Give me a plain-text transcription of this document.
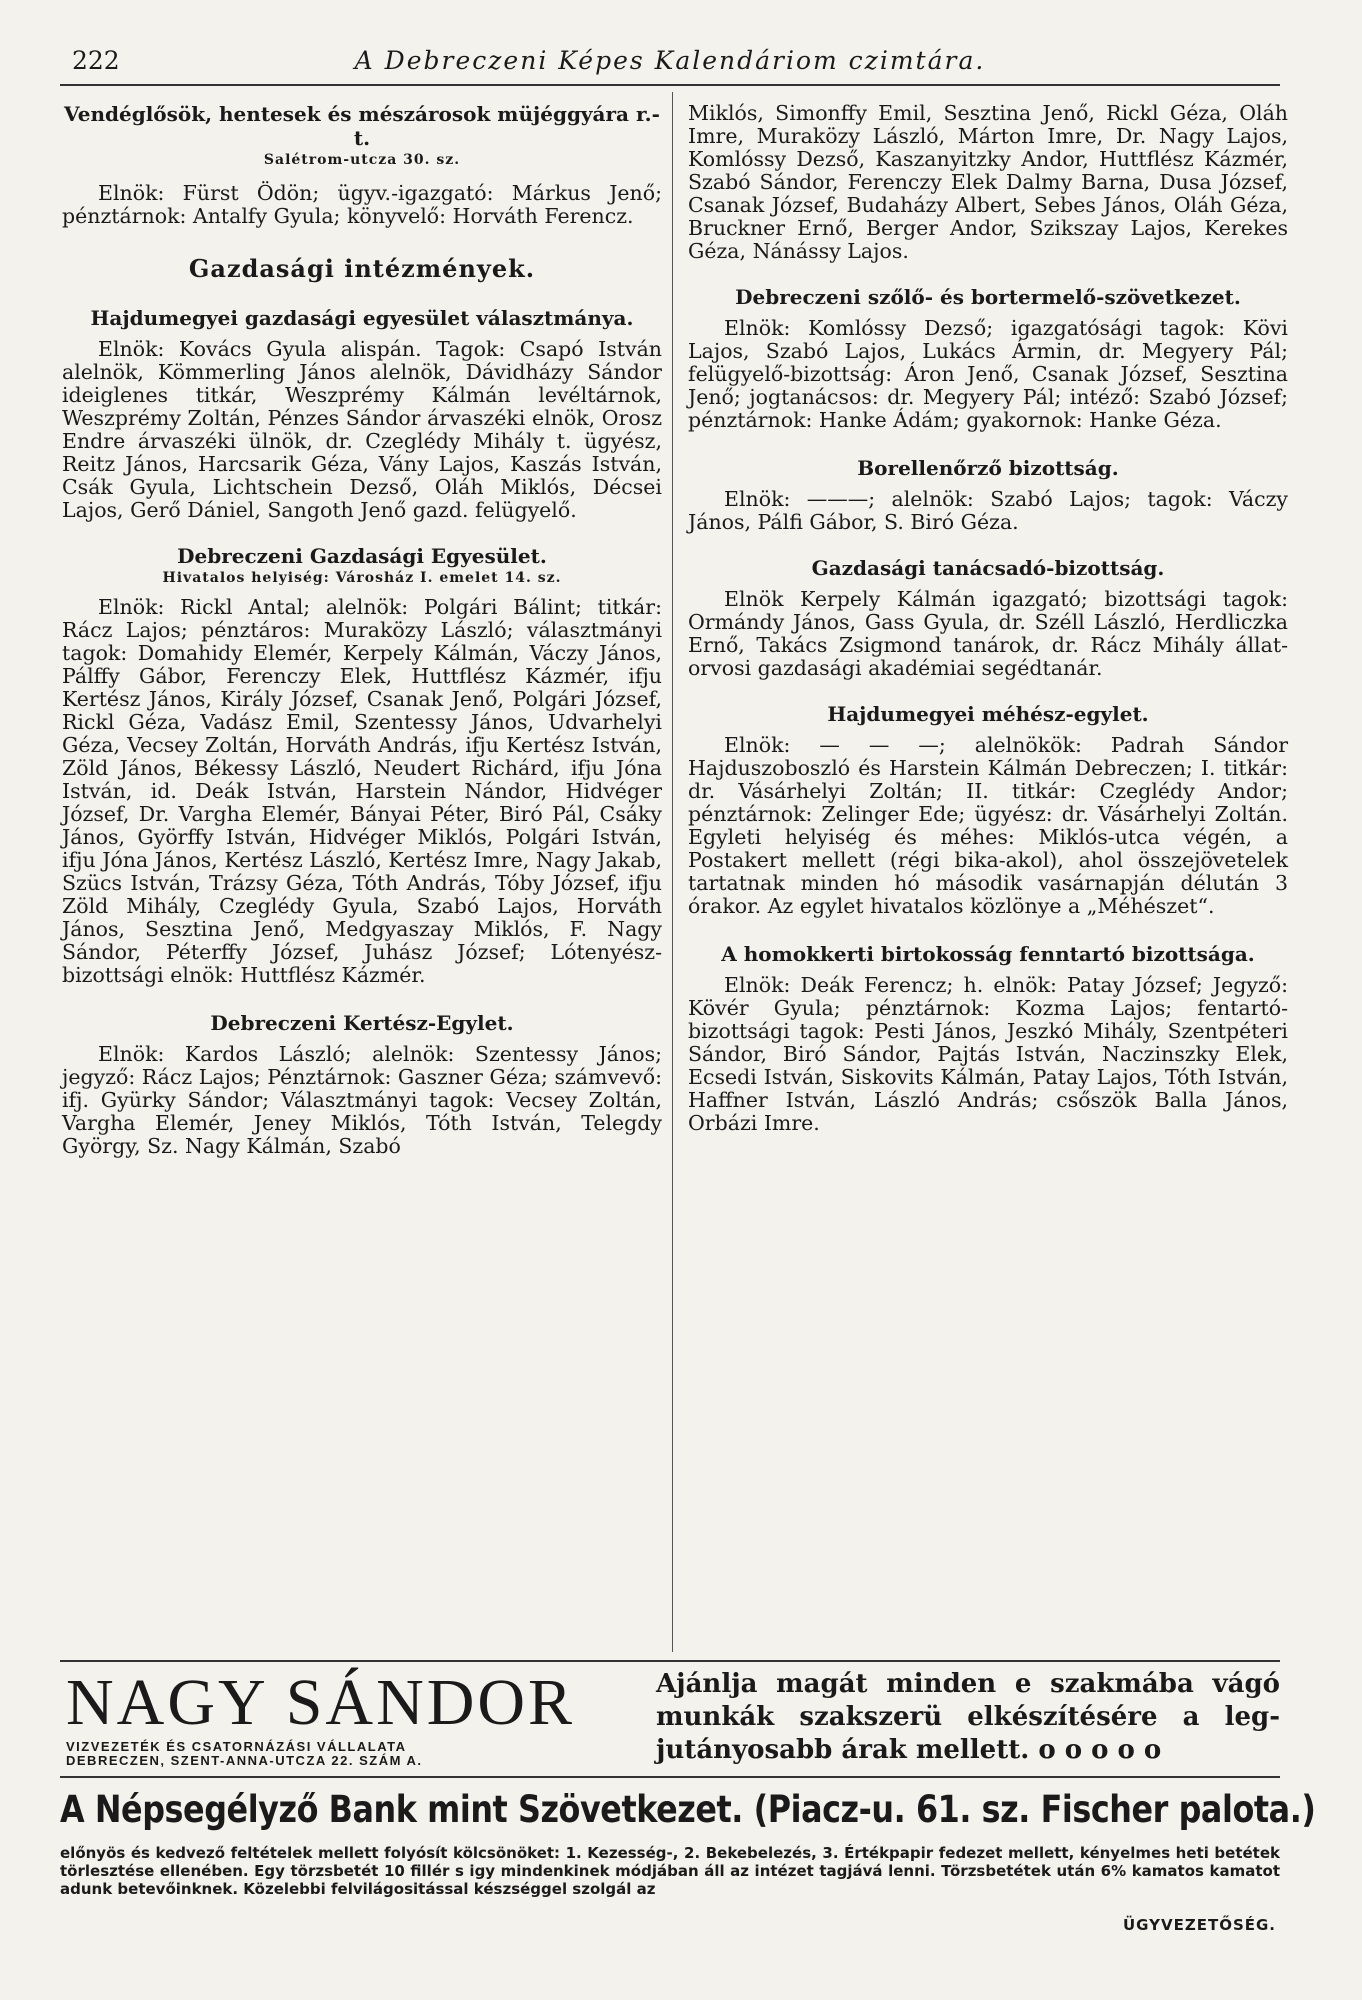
222	A Debreczeni Képes Kalendáriom czimtára.

Vendéglősök, hentesek és mészárosok müjéggyára r.-t.

Salétrom-utcza 30. sz.

Elnök: Fürst Ödön; ügyv.-igazgató: Márkus Jenő; pénztárnok: Antalfy Gyula; könyvelő: Horváth Ferencz.

Gazdasági intézmények.

Hajdumegyei gazdasági egyesület választmánya.

Elnök: Kovács Gyula alispán. Tagok: Csapó István alelnök, Kömmerling János alelnök, Dávidházy Sándor ideiglenes titkár, Weszprémy Kálmán levéltárnok, Weszprémy Zoltán, Pénzes Sándor árvaszéki elnök, Orosz Endre árvaszéki ülnök, dr. Czeglédy Mihály t. ügyész, Reitz János, Harcsarik Géza, Vány Lajos, Kaszás István, Csák Gyula, Lichtschein Dezső, Oláh Miklós, Décsei Lajos, Gerő Dániel, Sangoth Jenő gazd. felügyelő.

Debreczeni Gazdasági Egyesület.

Hivatalos helyiség: Városház I. emelet 14. sz.

Elnök: Rickl Antal; alelnök: Polgári Bálint; titkár: Rácz Lajos; pénztáros: Muraközy László; választmányi tagok: Domahidy Elemér, Kerpely Kálmán, Váczy János, Pálffy Gábor, Ferenczy Elek, Huttflész Kázmér, ifju Kertész János, Király József, Csanak Jenő, Polgári József, Rickl Géza, Vadász Emil, Szentessy János, Udvarhelyi Géza, Vecsey Zoltán, Horváth András, ifju Kertész István, Zöld János, Békessy László, Neudert Richárd, ifju Jóna István, id. Deák István, Harstein Nándor, Hidvéger József, Dr. Vargha Elemér, Bányai Péter, Biró Pál, Csáky János, Györffy István, Hidvéger Miklós, Polgári István, ifju Jóna János, Kertész László, Kertész Imre, Nagy Jakab, Szücs István, Trázsy Géza, Tóth András, Tóby József, ifju Zöld Mihály, Czeglédy Gyula, Szabó Lajos, Horváth János, Sesztina Jenő, Medgyaszay Miklós, F. Nagy Sándor, Péterffy József, Juhász József; Lótenyészbizottsági elnök: Huttflész Kázmér.

Debreczeni Kertész-Egylet.

Elnök: Kardos László; alelnök: Szentessy János; jegyző: Rácz Lajos; Pénztárnok: Gaszner Géza; számvevő: ifj. Gyürky Sándor; Választmányi tagok: Vecsey Zoltán, Vargha Elemér, Jeney Miklós, Tóth István, Telegdy György, Sz. Nagy Kálmán, Szabó

Miklós, Simonffy Emil, Sesztina Jenő, Rickl Géza, Oláh Imre, Muraközy László, Márton Imre, Dr. Nagy Lajos, Komlóssy Dezső, Kaszanyitzky Andor, Huttflész Kázmér, Szabó Sándor, Ferenczy Elek Dalmy Barna, Dusa József, Csanak József, Budaházy Albert, Sebes János, Oláh Géza, Bruckner Ernő, Berger Andor, Szikszay Lajos, Kerekes Géza, Nánássy Lajos.

Debreczeni szőlő- és bortermelő-szövetkezet.

Elnök: Komlóssy Dezső; igazgatósági tagok: Kövi Lajos, Szabó Lajos, Lukács Ármin, dr. Megyery Pál; felügyelő-bizottság: Áron Jenő, Csanak József, Sesztina Jenő; jogtanácsos: dr. Megyery Pál; intéző: Szabó József; pénztárnok: Hanke Ádám; gyakornok: Hanke Géza.

Borellenőrző bizottság.

Elnök: ———; alelnök: Szabó Lajos; tagok: Váczy János, Pálfi Gábor, S. Biró Géza.

Gazdasági tanácsadó-bizottság.

Elnök Kerpely Kálmán igazgató; bizottsági tagok: Ormándy János, Gass Gyula, dr. Széll László, Herdliczka Ernő, Takács Zsigmond tanárok, dr. Rácz Mihály állatorvosi gazdasági akadémiai segédtanár.

Hajdumegyei méhész-egylet.

Elnök: — — —; alelnökök: Padrah Sándor Hajduszoboszló és Harstein Kálmán Debreczen; I. titkár: dr. Vásárhelyi Zoltán; II. titkár: Czeglédy Andor; pénztárnok: Zelinger Ede; ügyész: dr. Vásárhelyi Zoltán. Egyleti helyiség és méhes: Miklós-utca végén, a Postakert mellett (régi bika-akol), ahol összejövetelek tartatnak minden hó második vasárnapján délután 3 órakor. Az egylet hivatalos közlönye a „Méhészet“.

A homokkerti birtokosság fenntartó bizottsága.

Elnök: Deák Ferencz; h. elnök: Patay József; Jegyző: Kövér Gyula; pénztárnok: Kozma Lajos; fentartó-bizottsági tagok: Pesti János, Jeszkó Mihály, Szentpéteri Sándor, Biró Sándor, Pajtás István, Naczinszky Elek, Ecsedi István, Siskovits Kálmán, Patay Lajos, Tóth István, Haffner István, László András; csőszök Balla János, Orbázi Imre.

NAGY SÁNDOR
VIZVEZETÉK ÉS CSATORNÁZÁSI VÁLLALATA
DEBRECZEN, SZENT-ANNA-UTCZA 22. SZÁM A.
Ajánlja magát minden e szakmába vágó munkák szakszerü elkészítésére a legjutányosabb árak mellett. o o o o o
A Népsegélyző Bank mint Szövetkezet. (Piacz-u. 61. sz. Fischer palota.)
előnyös és kedvező feltételek mellett folyósít kölcsönöket: 1. Kezesség-, 2. Bekebelezés, 3. Értékpapir fedezet mellett, kényelmes heti betétek törlesztése ellenében. Egy törzsbetét 10 fillér s igy mindenkinek módjában áll az intézet tagjává lenni. Törzsbetétek után 6% kamatos kamatot adunk betevőinknek. Közelebbi felvilágositással készséggel szolgál az
ÜGYVEZETŐSÉG.
